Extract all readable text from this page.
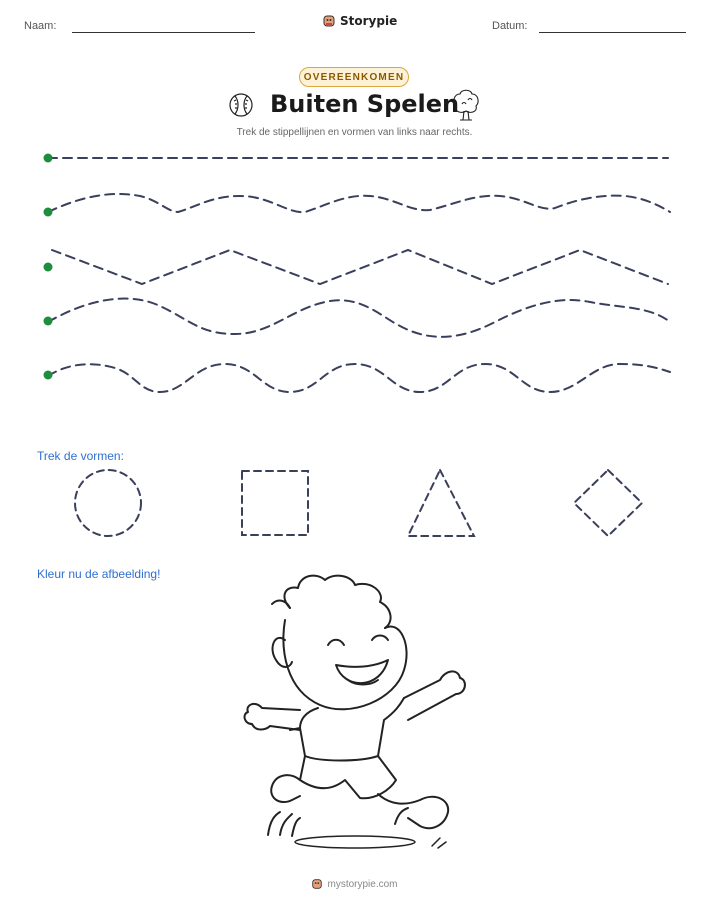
Naam:	Storypie	Datum:
OVEREENKOMEN
Buiten Spelen
Trek de stippellijnen en vormen van links naar rechts.
Trek de vormen:
Kleur nu de afbeelding!
mystorypie.com
